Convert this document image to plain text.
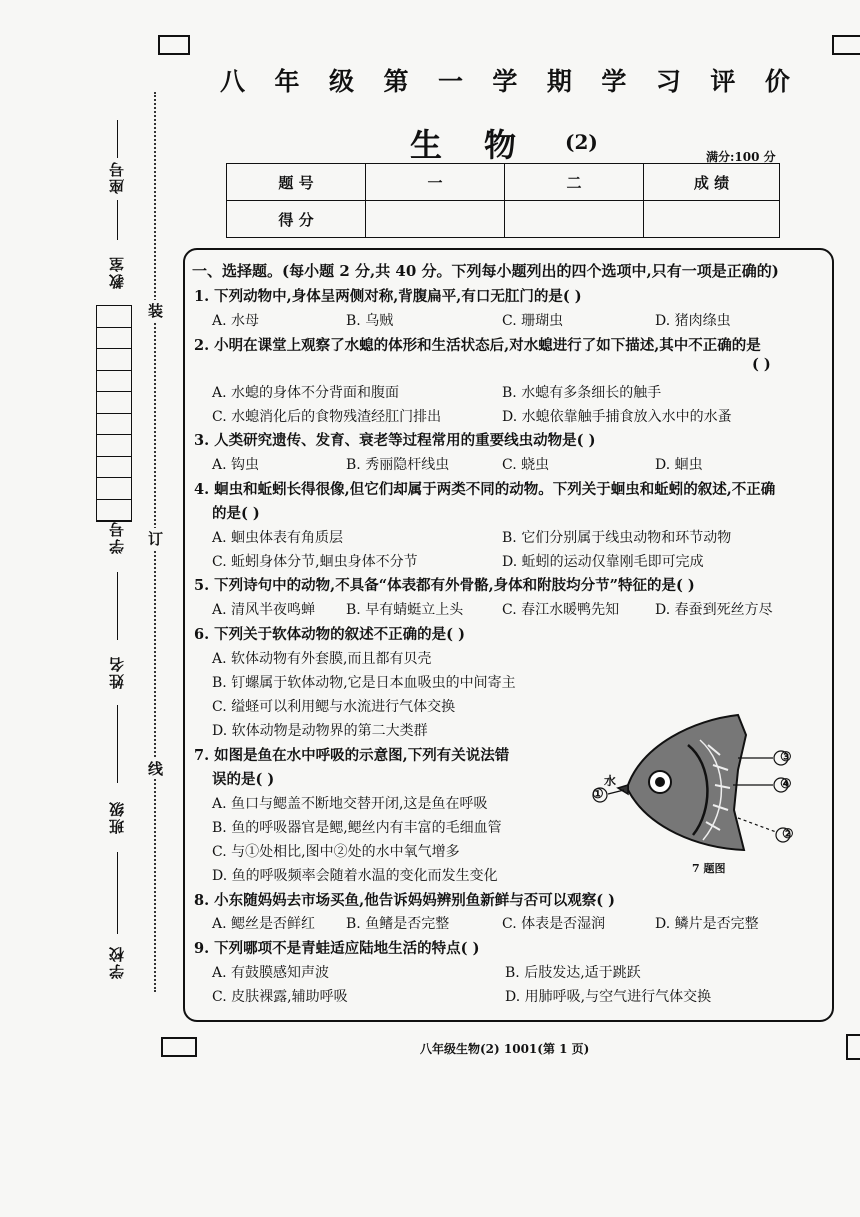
八 年 级 第 一 学 期 学 习 评 价
生物 (2)
满分:100 分
题 号	一	二	成 绩
得 分			
装
订
线
座号
教室
学号
姓名
班级
学校
一、选择题。(每小题 2 分,共 40 分。下列每小题列出的四个选项中,只有一项是正确的)
1. 下列动物中,身体呈两侧对称,背腹扁平,有口无肛门的是( )
A. 水母	B. 乌贼	C. 珊瑚虫	D. 猪肉绦虫
2. 小明在课堂上观察了水螅的体形和生活状态后,对水螅进行了如下描述,其中不正确的是
( )
A. 水螅的身体不分背面和腹面	B. 水螅有多条细长的触手
C. 水螅消化后的食物残渣经肛门排出	D. 水螅依靠触手捕食放入水中的水蚤
3. 人类研究遗传、发育、衰老等过程常用的重要线虫动物是( )
A. 钩虫	B. 秀丽隐杆线虫	C. 蛲虫	D. 蛔虫
4. 蛔虫和蚯蚓长得很像,但它们却属于两类不同的动物。下列关于蛔虫和蚯蚓的叙述,不正确
的是( )
A. 蛔虫体表有角质层	B. 它们分别属于线虫动物和环节动物
C. 蚯蚓身体分节,蛔虫身体不分节	D. 蚯蚓的运动仅靠刚毛即可完成
5. 下列诗句中的动物,不具备“体表都有外骨骼,身体和附肢均分节”特征的是( )
A. 清风半夜鸣蝉 B. 早有蜻蜓立上头	C. 春江水暖鸭先知	D. 春蚕到死丝方尽
6. 下列关于软体动物的叙述不正确的是( )
A. 软体动物有外套膜,而且都有贝壳
B. 钉螺属于软体动物,它是日本血吸虫的中间寄主
C. 缢蛏可以利用鳃与水流进行气体交换
D. 软体动物是动物界的第二大类群
7. 如图是鱼在水中呼吸的示意图,下列有关说法错
误的是( )
A. 鱼口与鳃盖不断地交替开闭,这是鱼在呼吸
B. 鱼的呼吸器官是鳃,鳃丝内有丰富的毛细血管
C. 与①处相比,图中②处的水中氧气增多
D. 鱼的呼吸频率会随着水温的变化而发生变化
③
④
②
①
水
7 题图
8. 小东随妈妈去市场买鱼,他告诉妈妈辨别鱼新鲜与否可以观察( )
A. 鳃丝是否鲜红 B. 鱼鳍是否完整	C. 体表是否湿润	D. 鳞片是否完整
9. 下列哪项不是青蛙适应陆地生活的特点( )
A. 有鼓膜感知声波	B. 后肢发达,适于跳跃
C. 皮肤裸露,辅助呼吸	D. 用肺呼吸,与空气进行气体交换
八年级生物(2) 1001(第 1 页)
